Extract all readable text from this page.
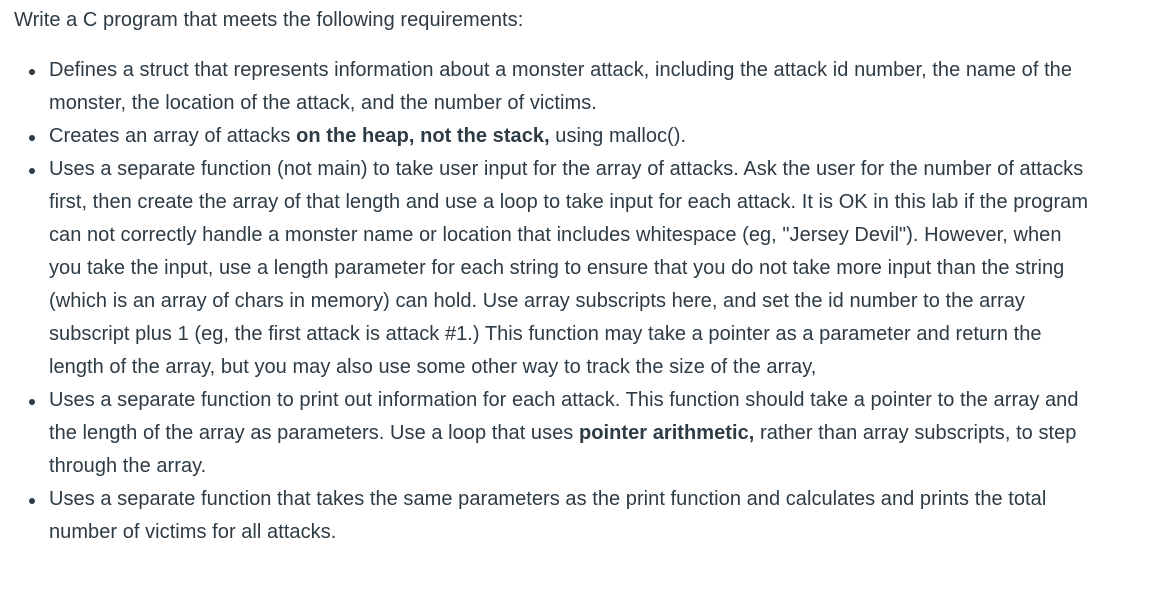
Write a C program that meets the following requirements:

Defines a struct that represents information about a monster attack, including the attack id number, the name of the monster, the location of the attack, and the number of victims.
Creates an array of attacks on the heap, not the stack, using malloc().
Uses a separate function (not main) to take user input for the array of attacks. Ask the user for the number of attacks first, then create the array of that length and use a loop to take input for each attack. It is OK in this lab if the program can not correctly handle a monster name or location that includes whitespace (eg, "Jersey Devil"). However, when you take the input, use a length parameter for each string to ensure that you do not take more input than the string (which is an array of chars in memory) can hold. Use array subscripts here, and set the id number to the array subscript plus 1 (eg, the first attack is attack #1.) This function may take a pointer as a parameter and return the length of the array, but you may also use some other way to track the size of the array,
Uses a separate function to print out information for each attack. This function should take a pointer to the array and the length of the array as parameters. Use a loop that uses pointer arithmetic, rather than array subscripts, to step through the array.
Uses a separate function that takes the same parameters as the print function and calculates and prints the total number of victims for all attacks.
